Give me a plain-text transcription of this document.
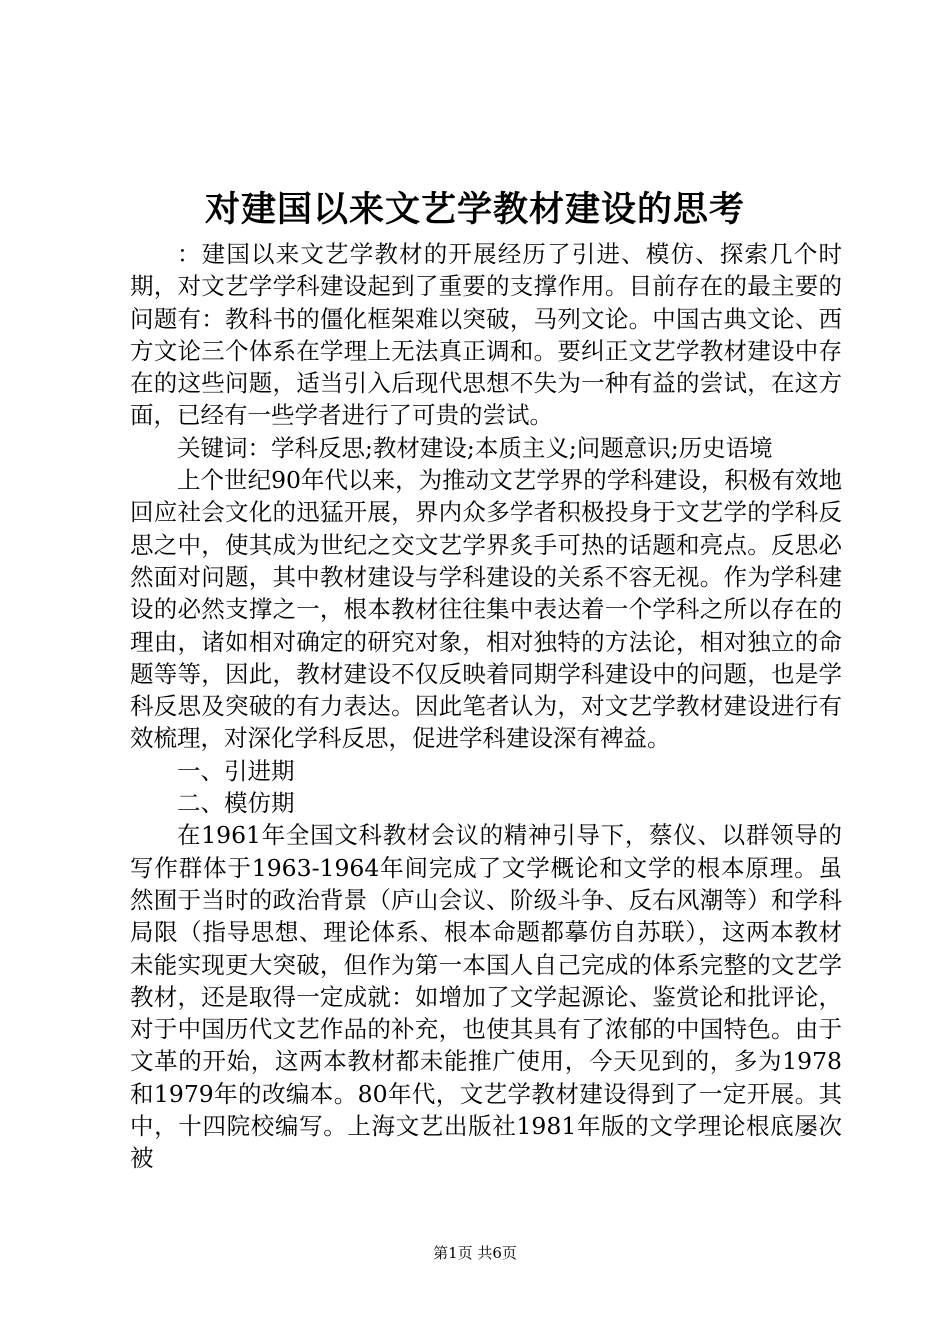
对建国以来文艺学教材建设的思考

：建国以来文艺学教材的开展经历了引进、模仿、探索几个时期，对文艺学学科建设起到了重要的支撑作用。目前存在的最主要的问题有：教科书的僵化框架难以突破，马列文论。中国古典文论、西方文论三个体系在学理上无法真正调和。要纠正文艺学教材建设中存在的这些问题，适当引入后现代思想不失为一种有益的尝试，在这方面，已经有一些学者进行了可贵的尝试。

关键词：学科反思;教材建设;本质主义;问题意识;历史语境

上个世纪90年代以来，为推动文艺学界的学科建设，积极有效地回应社会文化的迅猛开展，界内众多学者积极投身于文艺学的学科反思之中，使其成为世纪之交文艺学界炙手可热的话题和亮点。反思必然面对问题，其中教材建设与学科建设的关系不容无视。作为学科建设的必然支撑之一，根本教材往往集中表达着一个学科之所以存在的理由，诸如相对确定的研究对象，相对独特的方法论，相对独立的命题等等，因此，教材建设不仅反映着同期学科建设中的问题，也是学科反思及突破的有力表达。因此笔者认为，对文艺学教材建设进行有效梳理，对深化学科反思，促进学科建设深有裨益。

一、引进期

二、模仿期

在1961年全国文科教材会议的精神引导下，蔡仪、以群领导的写作群体于1963-1964年间完成了文学概论和文学的根本原理。虽然囿于当时的政治背景（庐山会议、阶级斗争、反右风潮等）和学科局限（指导思想、理论体系、根本命题都摹仿自苏联），这两本教材未能实现更大突破，但作为第一本国人自己完成的体系完整的文艺学教材，还是取得一定成就：如增加了文学起源论、鉴赏论和批评论，对于中国历代文艺作品的补充，也使其具有了浓郁的中国特色。由于文革的开始，这两本教材都未能推广使用，今天见到的，多为1978和1979年的改编本。80年代，文艺学教材建设得到了一定开展。其中，十四院校编写。上海文艺出版社1981年版的文学理论根底屡次被

第1页 共6页
